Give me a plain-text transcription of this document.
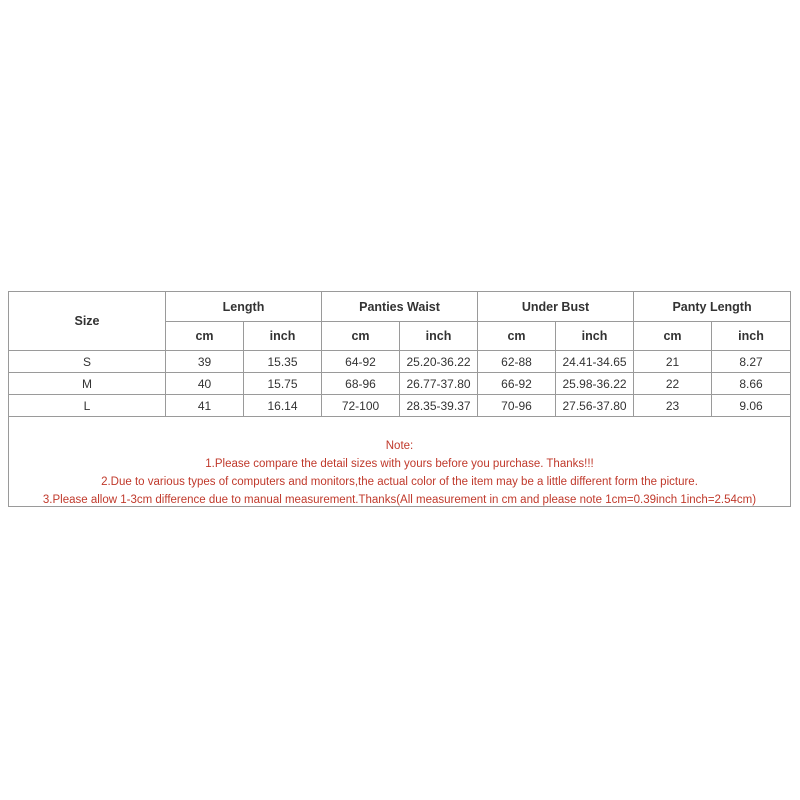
Size	Length		Panties Waist		Under Bust		Panty Length	
	cm	inch	cm	inch	cm	inch	cm	inch
S	39	15.35	64-92	25.20-36.22	62-88	24.41-34.65	21	8.27
M	40	15.75	68-96	26.77-37.80	66-92	25.98-36.22	22	8.66
L	41	16.14	72-100	28.35-39.37	70-96	27.56-37.80	23	9.06
Note:
1.Please compare the detail sizes with yours before you purchase. Thanks!!!
2.Due to various types of computers and monitors,the actual color of the item may be a little different form the picture.
3.Please allow 1-3cm difference due to manual measurement.Thanks(All measurement in cm and please note 1cm=0.39inch 1inch=2.54cm)
